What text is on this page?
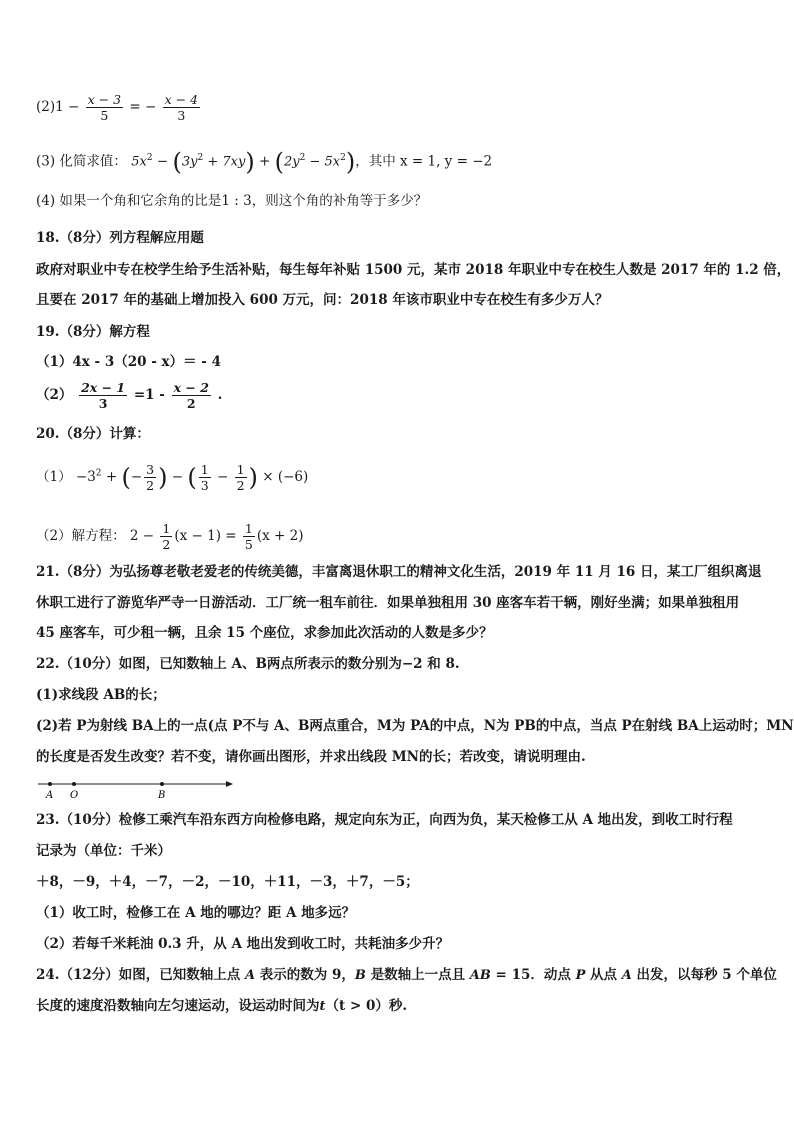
$(2)1 - \frac{x - 3}{5}$ = − $\frac{x - 4}{3}$
(3) 化简求值： $5x^2 - (3y^2 + 7xy) + (2y^2 - 5x^2)$，其中 x = 1, y = −2
(4) 如果一个角和它余角的比是1 : 3，则这个角的补角等于多少？
18.（8分）列方程解应用题
政府对职业中专在校学生给予生活补贴，每生每年补贴 1500 元，某市 2018 年职业中专在校生人数是 2017 年的 1.2 倍，
且要在 2017 年的基础上增加投入 600 万元，问：2018 年该市职业中专在校生有多少万人？
19.（8分）解方程
（1）4x - 3（20 - x）＝ - 4
$(2) \frac{2x - 1}{3} =1 - \frac{x - 2}{2}$ .
20.（8分）计算：
$(1) -3^2$ + (− $\frac{3}{2}$ ) − ( $\frac{1}{3} - \frac{1}{2}$ ) × (−6)
（2）解方程： $2 - \frac{1}{2} (x - 1) = \frac{1}{5} (x + 2)$
21.（8分）为弘扬尊老敬老爱老的传统美德，丰富离退休职工的精神文化生活，2019 年 11 月 16 日，某工厂组织离退
休职工进行了游览华严寺一日游活动．工厂统一租车前往．如果单独租用 30 座客车若干辆，刚好坐满；如果单独租用
45 座客车，可少租一辆，且余 15 个座位，求参加此次活动的人数是多少？
22.（10分）如图，已知数轴上 A、B两点所表示的数分别为−2 和 8.
(1)求线段 AB的长；
(2)若 P为射线 BA上的一点(点 P不与 A、B两点重合，M为 PA的中点，N为 PB的中点，当点 P在射线 BA上运动时；MN
的长度是否发生改变？若不变，请你画出图形，并求出线段 MN的长；若改变，请说明理由.
A O	B
23.（10分）检修工乘汽车沿东西方向检修电路，规定向东为正，向西为负，某天检修工从 A 地出发，到收工时行程
记录为（单位：千米）
＋8，－9，＋4，－7，－2，－10，＋11，－3，＋7，－5；
（1）收工时，检修工在 A 地的哪边？距 A 地多远？
（2）若每千米耗油 0.3 升，从 A 地出发到收工时，共耗油多少升？
24.（12分）如图，已知数轴上点 A 表示的数为 9，B 是数轴上一点且 AB = 15．动点 P 从点 A 出发，以每秒 5 个单位
长度的速度沿数轴向左匀速运动，设运动时间为t（t > 0）秒.
